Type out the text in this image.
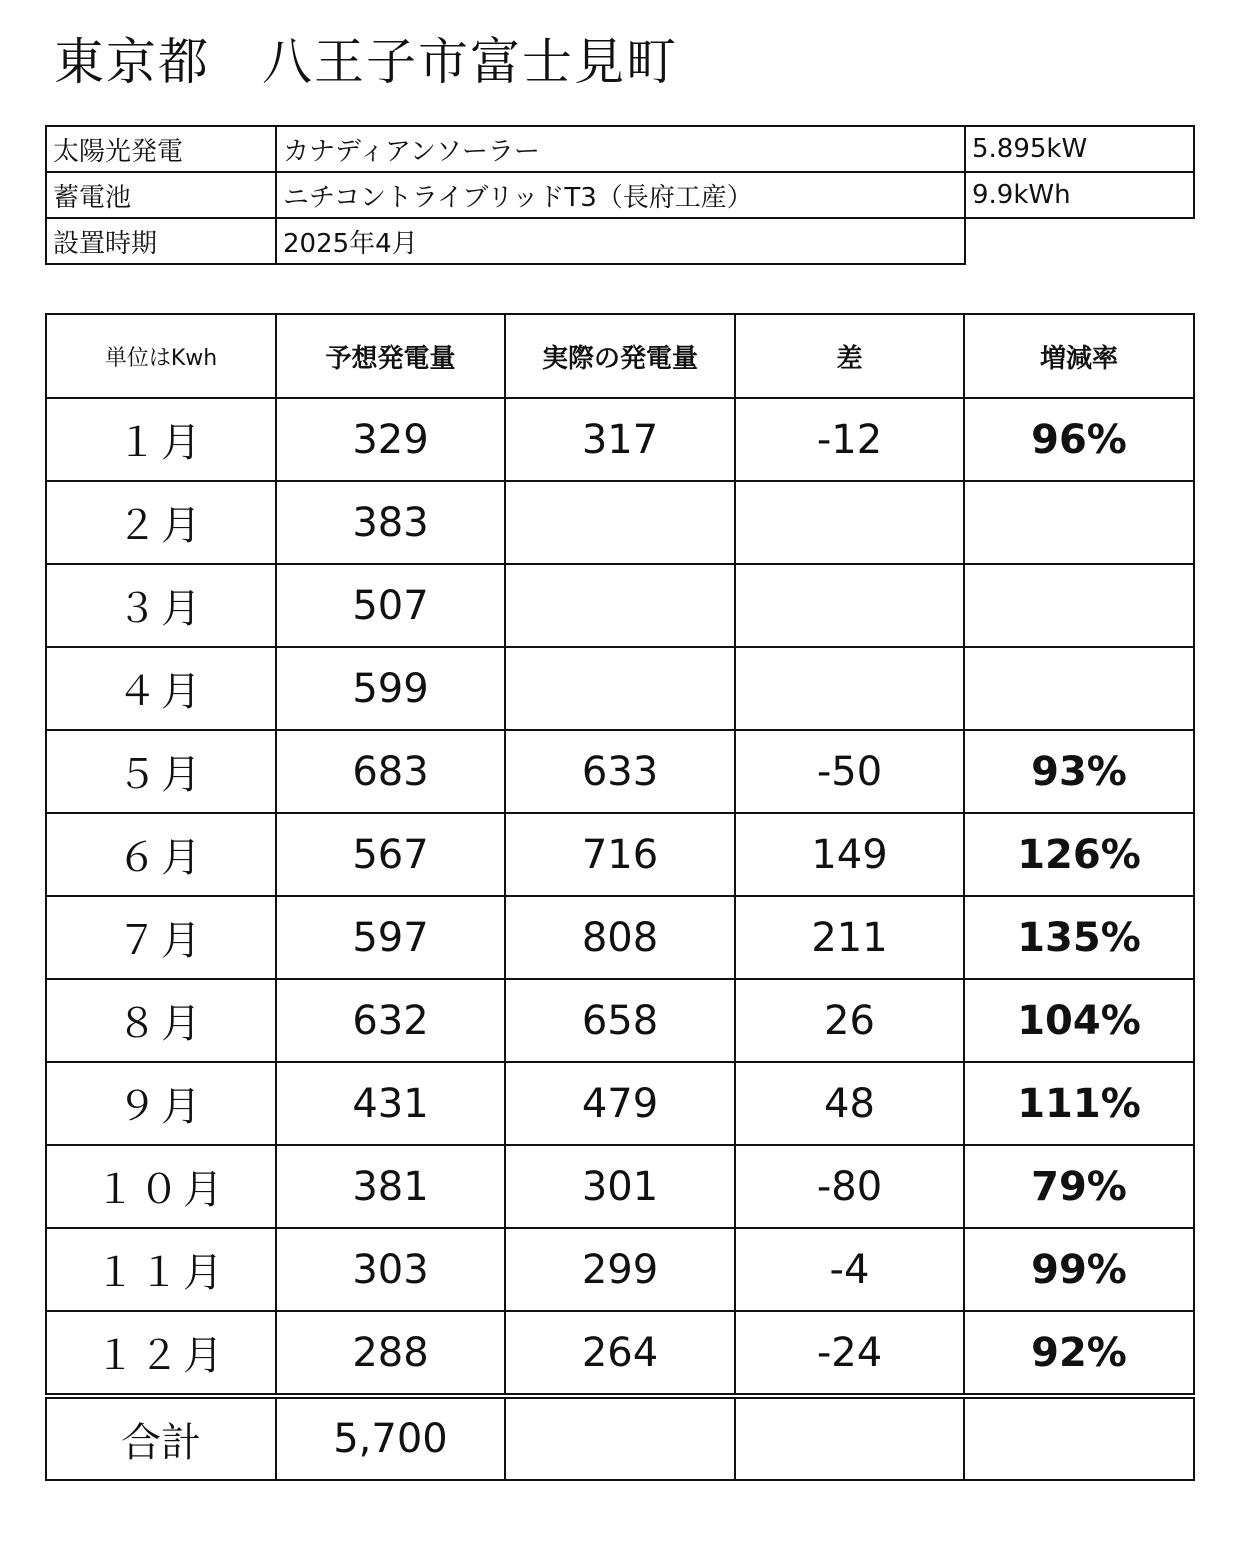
東京都　八王子市富士見町
太陽光発電	カナディアンソーラー	5.895kW
蓄電池	ニチコントライブリッドT3（長府工産）	9.9kWh
設置時期	2025年4月	
単位はKwh	予想発電量	実際の発電量	差	増減率
１月	329	317	-12	96%
２月	383			
３月	507			
４月	599			
５月	683	633	-50	93%
６月	567	716	149	126%
７月	597	808	211	135%
８月	632	658	26	104%
９月	431	479	48	111%
１０月	381	301	-80	79%
１１月	303	299	-4	99%
１２月	288	264	-24	92%
合計	5,700			
